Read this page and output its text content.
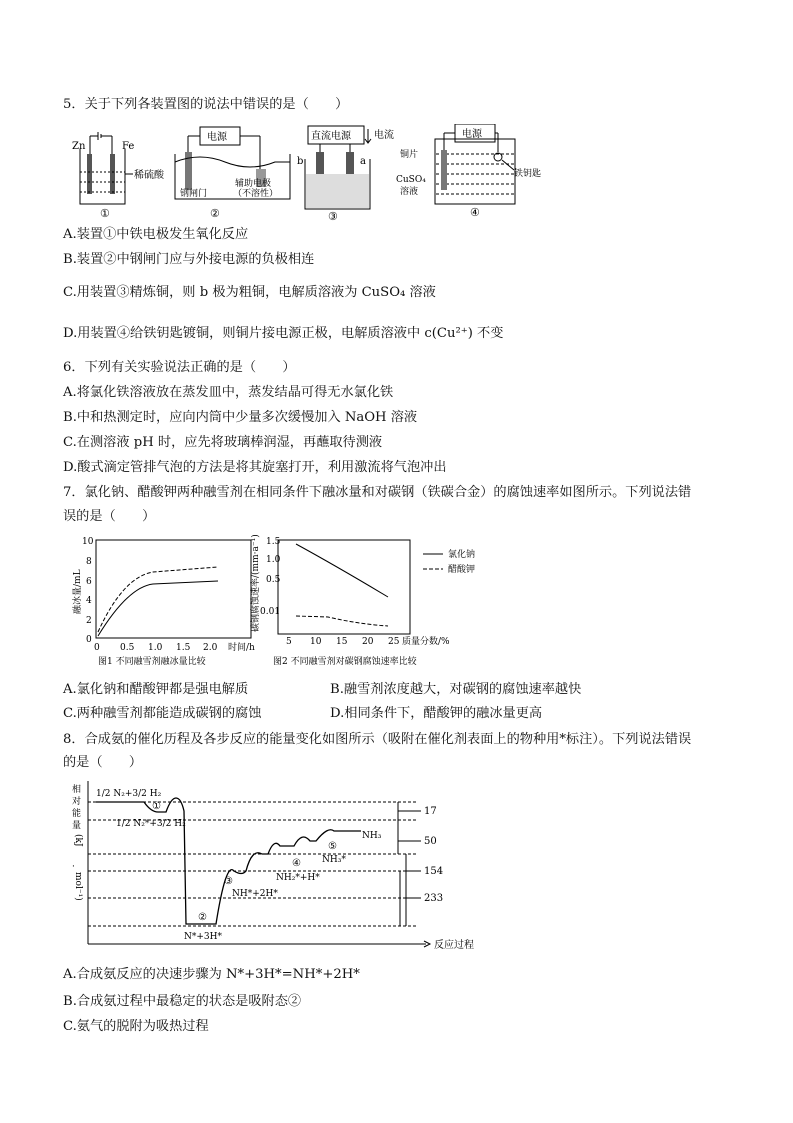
5．关于下列各装置图的说法中错误的是（　　）
Zn	Fe
稀硫酸
①
电源
钢闸门
辅助电极
（不溶性）
②
直流电源 电流
b	a
③
电源
铜片
CuSO₄
溶液
铁钥匙
④
A.装置①中铁电极发生氧化反应
B.装置②中钢闸门应与外接电源的负极相连
C.用装置③精炼铜，则 b 极为粗铜，电解质溶液为 CuSO₄ 溶液
D.用装置④给铁钥匙镀铜，则铜片接电源正极，电解质溶液中 c(Cu²⁺) 不变
6．下列有关实验说法正确的是（　　）
A.将氯化铁溶液放在蒸发皿中，蒸发结晶可得无水氯化铁
B.中和热测定时，应向内筒中少量多次缓慢加入 NaOH 溶液
C.在测溶液 pH 时，应先将玻璃棒润湿，再蘸取待测液
D.酸式滴定管排气泡的方法是将其旋塞打开，利用激流将气泡冲出
7．氯化钠、醋酸钾两种融雪剂在相同条件下融冰量和对碳钢（铁碳合金）的腐蚀速率如图所示。下列说法错
误的是（　　）
融冰量/mL
0
2
4
6
8
10
0 0.5 1.0 1.5 2.0 时间/h
图1 不同融雪剂融冰量比较
碳钢腐蚀速率/(mm·a⁻¹) 0.01
0.5
1.0
1.5
5 10 15 20 25 质量分数/%
氯化钠
醋酸钾
图2 不同融雪剂对碳钢腐蚀速率比较
A.氯化钠和醋酸钾都是强电解质	B.融雪剂浓度越大，对碳钢的腐蚀速率越快
C.两种融雪剂都能造成碳钢的腐蚀	D.相同条件下，醋酸钾的融冰量更高
8．合成氨的催化历程及各步反应的能量变化如图所示（吸附在催化剂表面上的物种用*标注）。下列说法错误
的是（　　）
相
对
能
量
(kJ
·
mol⁻¹)
反应过程
1/2 N₂+3/2 H₂
①
1/2 N₂*+3/2 H₂
②
N*+3H*
③
NH*+2H*
④
NH₂*+H*
⑤
NH₃*
NH₃
17
50
154
233
A.合成氨反应的决速步骤为 N*+3H*=NH*+2H*
B.合成氨过程中最稳定的状态是吸附态②
C.氨气的脱附为吸热过程
